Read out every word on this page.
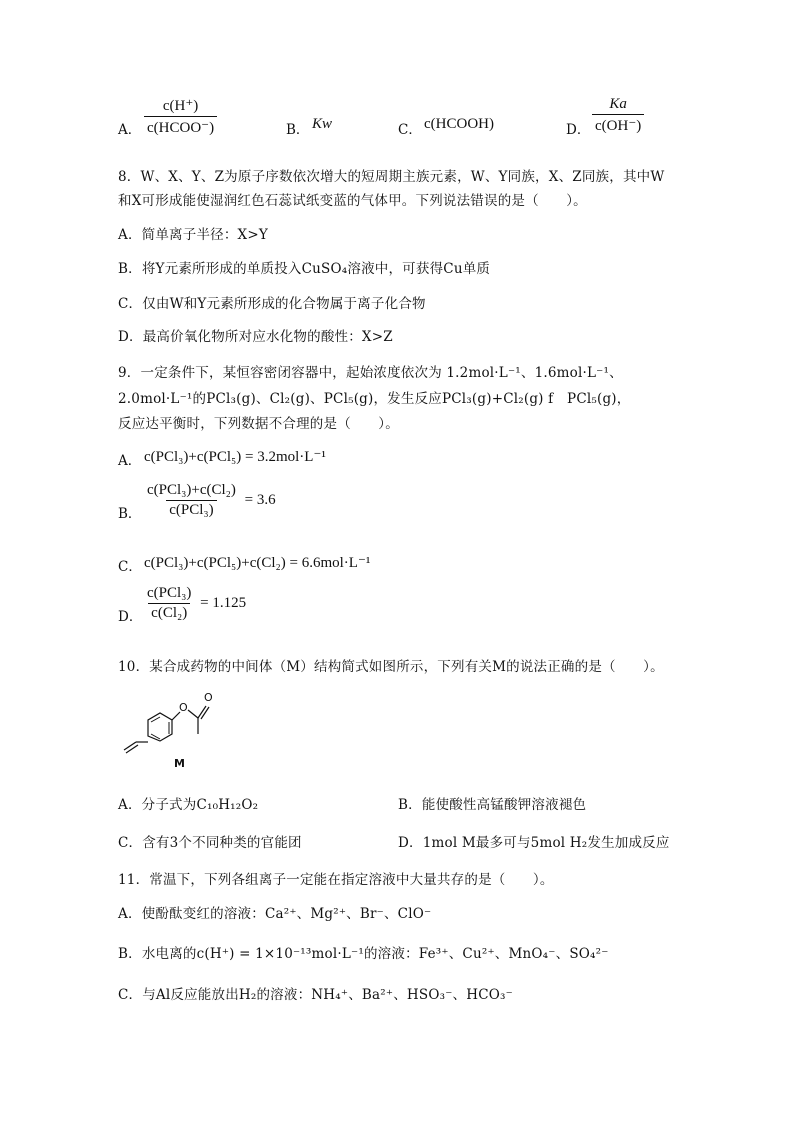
A． $\frac{c(H^+)}{\text{c(HCOO⁻)}}$	B． Kw	C． c(HCOOH)	D． $\frac{Ka}{c(OH^-)}$
8．W、X、Y、Z为原子序数依次增大的短周期主族元素，W、Y同族，X、Z同族，其中W
和X可形成能使湿润红色石蕊试纸变蓝的气体甲。下列说法错误的是（　　）。
A．简单离子半径：X>Y
B．将Y元素所形成的单质投入CuSO₄溶液中，可获得Cu单质
C．仅由W和Y元素所形成的化合物属于离子化合物
D．最高价氧化物所对应水化物的酸性：X>Z
9．一定条件下，某恒容密闭容器中，起始浓度依次为 1.2mol·L⁻¹、1.6mol·L⁻¹、
2.0mol·L⁻¹的PCl₃(g)、Cl₂(g)、PCl₅(g)，发生反应PCl₃(g)+Cl₂(g) f　PCl₅(g)，
反应达平衡时，下列数据不合理的是（　　）。
A． c(PCl₃)+c(PCl₅) = 3.2mol·L⁻¹
B． $\frac{\text{c(PCl₃)+c(Cl₂)}}{\text{c(PCl₃)}} = 3.6$
C． c(PCl₃)+c(PCl₅)+c(Cl₂) = 6.6mol·L⁻¹
D． $\frac{\text{c(PCl₃)}}{\text{c(Cl₂)}} = 1.125$
10．某合成药物的中间体（M）结构简式如图所示，下列有关M的说法正确的是（　　）。
O
O
M
A．分子式为C₁₀H₁₂O₂	B．能使酸性高锰酸钾溶液褪色
C．含有3个不同种类的官能团	D．1mol M最多可与5mol H₂发生加成反应
11．常温下，下列各组离子一定能在指定溶液中大量共存的是（　　）。
A．使酚酞变红的溶液：Ca²⁺、Mg²⁺、Br⁻、ClO⁻
B．水电离的c(H⁺) = 1×10⁻¹³mol·L⁻¹的溶液：Fe³⁺、Cu²⁺、MnO₄⁻、SO₄²⁻
C．与Al反应能放出H₂的溶液：NH₄⁺、Ba²⁺、HSO₃⁻、HCO₃⁻
